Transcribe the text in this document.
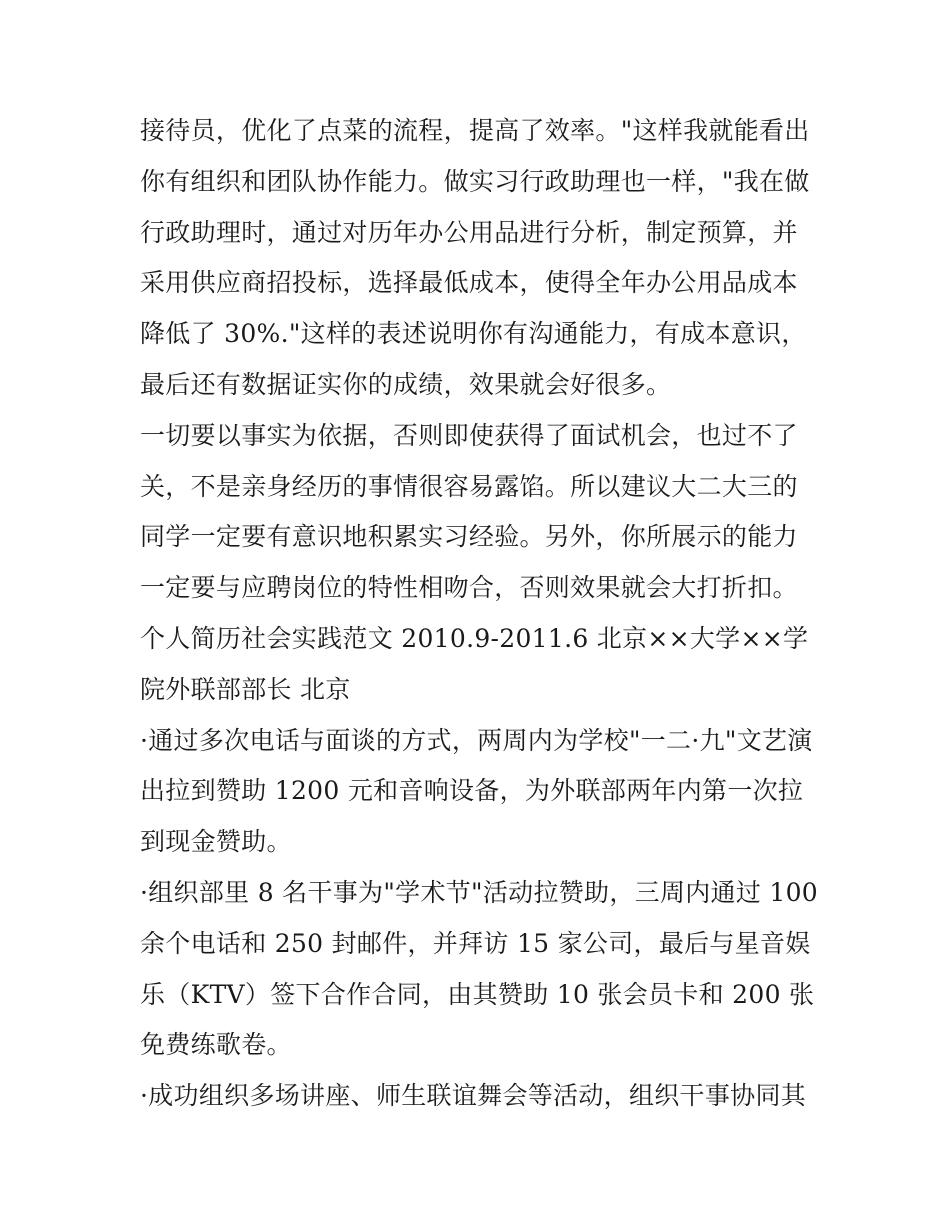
接待员，优化了点菜的流程，提高了效率。"这样我就能看出你有组织和团队协作能力。做实习行政助理也一样，"我在做行政助理时，通过对历年办公用品进行分析，制定预算，并采用供应商招投标，选择最低成本，使得全年办公用品成本降低了 30%."这样的表述说明你有沟通能力，有成本意识，最后还有数据证实你的成绩，效果就会好很多。

一切要以事实为依据，否则即使获得了面试机会，也过不了关，不是亲身经历的事情很容易露馅。所以建议大二大三的同学一定要有意识地积累实习经验。另外，你所展示的能力一定要与应聘岗位的特性相吻合，否则效果就会大打折扣。

个人简历社会实践范文 2010.9-2011.6 北京××大学××学院外联部部长 北京

·通过多次电话与面谈的方式，两周内为学校"一二·九"文艺演出拉到赞助 1200 元和音响设备，为外联部两年内第一次拉到现金赞助。

·组织部里 8 名干事为"学术节"活动拉赞助，三周内通过 100 余个电话和 250 封邮件，并拜访 15 家公司，最后与星音娱乐（KTV）签下合作合同，由其赞助 10 张会员卡和 200 张免费练歌卷。

·成功组织多场讲座、师生联谊舞会等活动，组织干事协同其
